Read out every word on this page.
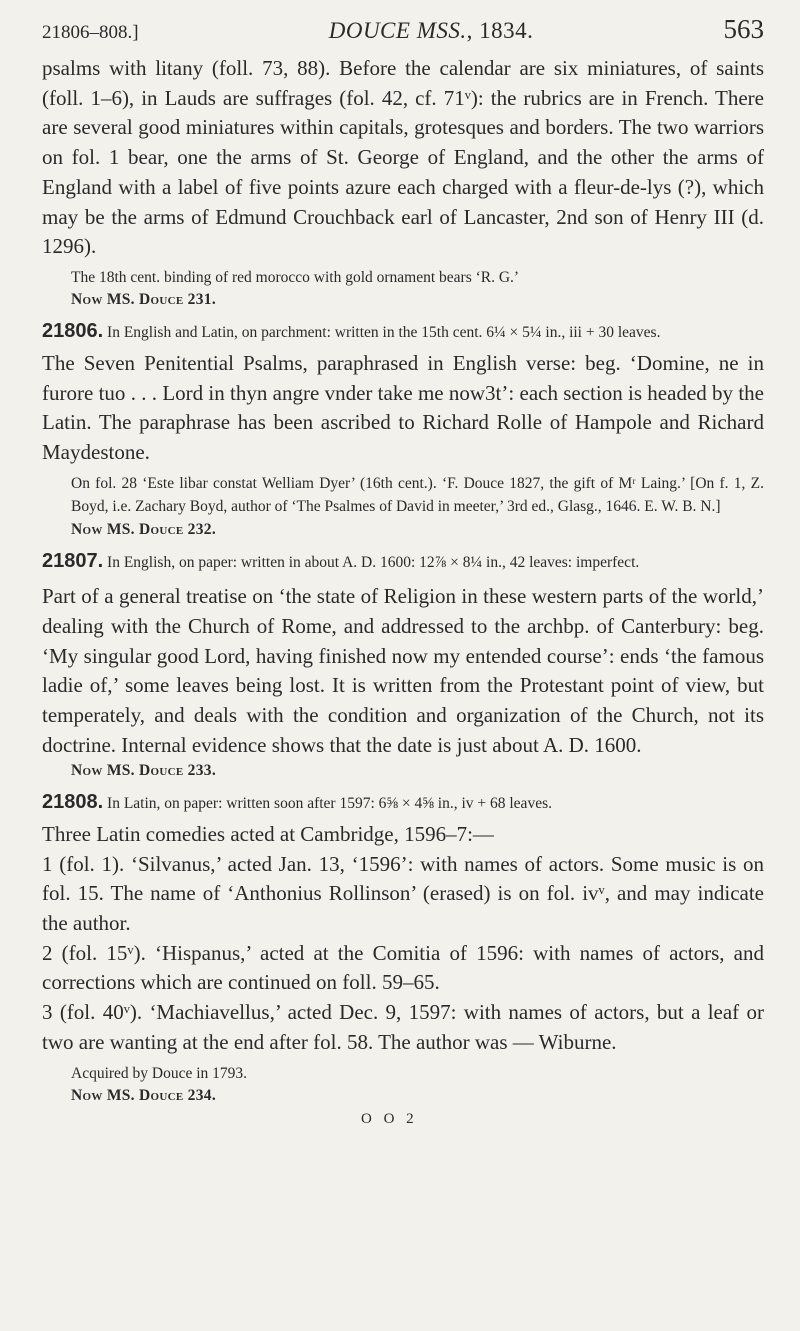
21806–808.]	DOUCE MSS., 1834.	563

psalms with litany (foll. 73, 88). Before the calendar are six miniatures, of saints (foll. 1–6), in Lauds are suffrages (fol. 42, cf. 71ᵛ): the rubrics are in French. There are several good miniatures within capitals, grotesques and borders. The two warriors on fol. 1 bear, one the arms of St. George of England, and the other the arms of England with a label of five points azure each charged with a fleur-de-lys (?), which may be the arms of Edmund Crouchback earl of Lancaster, 2nd son of Henry III (d. 1296).

The 18th cent. binding of red morocco with gold ornament bears ‘R. G.’

Now MS. Douce 231.

21806. In English and Latin, on parchment: written in the 15th cent. 6¼ × 5¼ in., iii + 30 leaves.

The Seven Penitential Psalms, paraphrased in English verse: beg. ‘Domine, ne in furore tuo . . . Lord in thyn angre vnder take me now3t’: each section is headed by the Latin. The paraphrase has been ascribed to Richard Rolle of Hampole and Richard Maydestone.

On fol. 28 ‘Este libar constat Welliam Dyer’ (16th cent.). ‘F. Douce 1827, the gift of Mʳ Laing.’ [On f. 1, Z. Boyd, i.e. Zachary Boyd, author of ‘The Psalmes of David in meeter,’ 3rd ed., Glasg., 1646. E. W. B. N.]

Now MS. Douce 232.

21807. In English, on paper: written in about A. D. 1600: 12⅞ × 8¼ in., 42 leaves: imperfect.

Part of a general treatise on ‘the state of Religion in these western parts of the world,’ dealing with the Church of Rome, and addressed to the archbp. of Canterbury: beg. ‘My singular good Lord, having finished now my entended course’: ends ‘the famous ladie of,’ some leaves being lost. It is written from the Protestant point of view, but temperately, and deals with the condition and organization of the Church, not its doctrine. Internal evidence shows that the date is just about A. D. 1600.

Now MS. Douce 233.

21808. In Latin, on paper: written soon after 1597: 6⅝ × 4⅝ in., iv + 68 leaves.

Three Latin comedies acted at Cambridge, 1596–7:—

1 (fol. 1). ‘Silvanus,’ acted Jan. 13, ‘1596’: with names of actors. Some music is on fol. 15. The name of ‘Anthonius Rollinson’ (erased) is on fol. ivᵛ, and may indicate the author.

2 (fol. 15ᵛ). ‘Hispanus,’ acted at the Comitia of 1596: with names of actors, and corrections which are continued on foll. 59–65.

3 (fol. 40ᵛ). ‘Machiavellus,’ acted Dec. 9, 1597: with names of actors, but a leaf or two are wanting at the end after fol. 58. The author was — Wiburne.

Acquired by Douce in 1793.

Now MS. Douce 234.

O O 2
